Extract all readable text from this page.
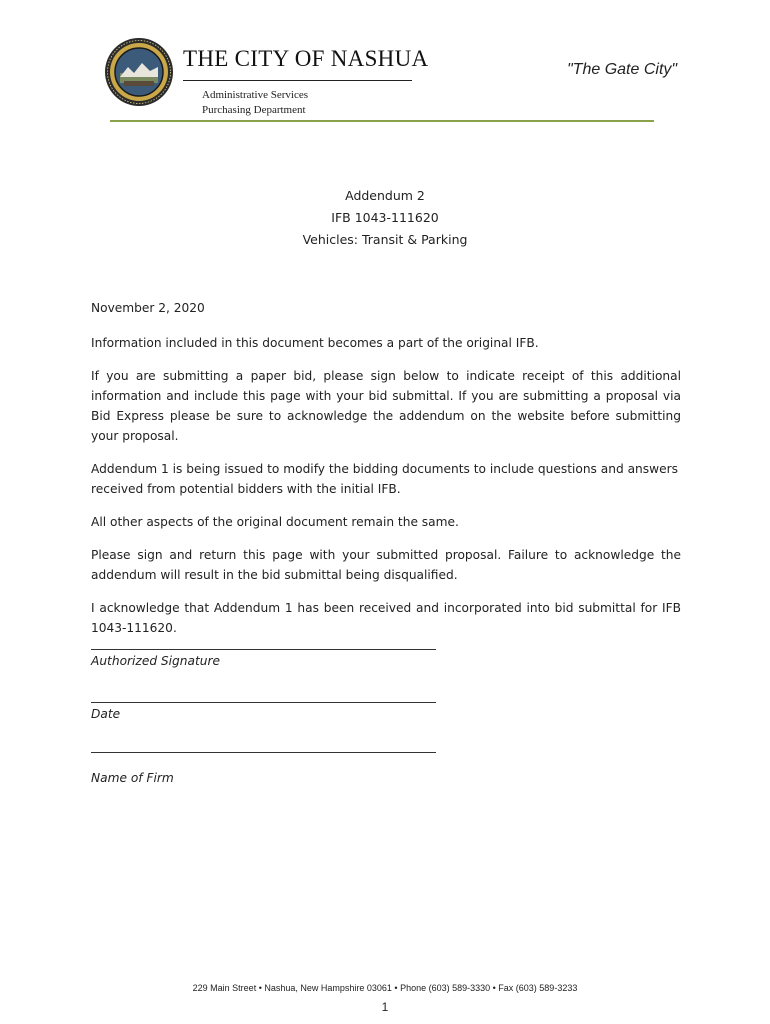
THE CITY OF NASHUA
Administrative Services
Purchasing Department
"The Gate City"
Addendum 2
IFB 1043-111620
Vehicles: Transit & Parking
November 2, 2020

Information included in this document becomes a part of the original IFB.

If you are submitting a paper bid, please sign below to indicate receipt of this additional information and include this page with your bid submittal. If you are submitting a proposal via Bid Express please be sure to acknowledge the addendum on the website before submitting your proposal.

Addendum 1 is being issued to modify the bidding documents to include questions and answers received from potential bidders with the initial IFB.

All other aspects of the original document remain the same.

Please sign and return this page with your submitted proposal. Failure to acknowledge the addendum will result in the bid submittal being disqualified.

I acknowledge that Addendum 1 has been received and incorporated into bid submittal for IFB 1043-111620.

Authorized Signature
Date
Name of Firm
229 Main Street • Nashua, New Hampshire 03061 • Phone (603) 589-3330 • Fax (603) 589-3233
1
